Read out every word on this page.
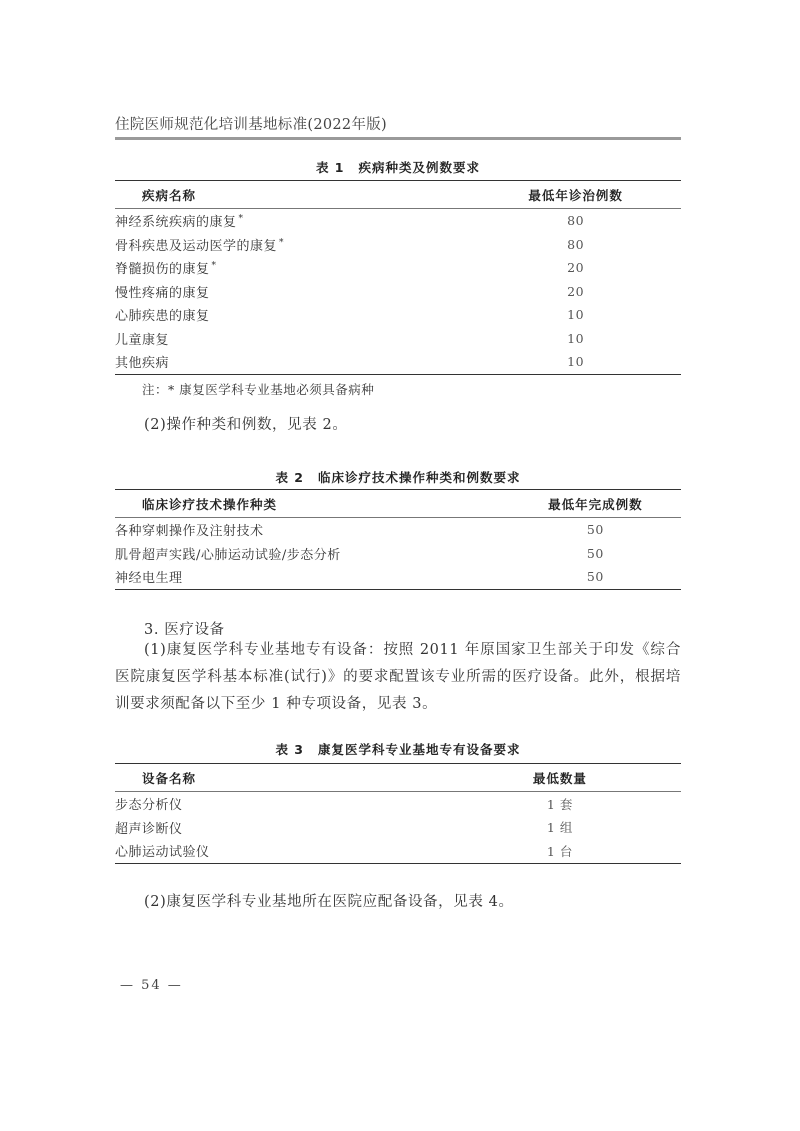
住院医师规范化培训基地标准(2022年版)
表 1 疾病种类及例数要求
疾病名称	最低年诊治例数
神经系统疾病的康复 *	80
骨科疾患及运动医学的康复 *	80
脊髓损伤的康复 *	20
慢性疼痛的康复	20
心肺疾患的康复	10
儿童康复	10
其他疾病	10
注：* 康复医学科专业基地必须具备病种
(2)操作种类和例数，见表 2。
表 2 临床诊疗技术操作种类和例数要求
临床诊疗技术操作种类	最低年完成例数
各种穿刺操作及注射技术	50
肌骨超声实践/心肺运动试验/步态分析	50
神经电生理	50
3. 医疗设备
(1)康复医学科专业基地专有设备：按照 2011 年原国家卫生部关于印发《综合医院康复医学科基本标准(试行)》的要求配置该专业所需的医疗设备。此外，根据培训要求须配备以下至少 1 种专项设备，见表 3。
表 3 康复医学科专业基地专有设备要求
设备名称	最低数量
步态分析仪	1 套
超声诊断仪	1 组
心肺运动试验仪	1 台
(2)康复医学科专业基地所在医院应配备设备，见表 4。
— 54 —
